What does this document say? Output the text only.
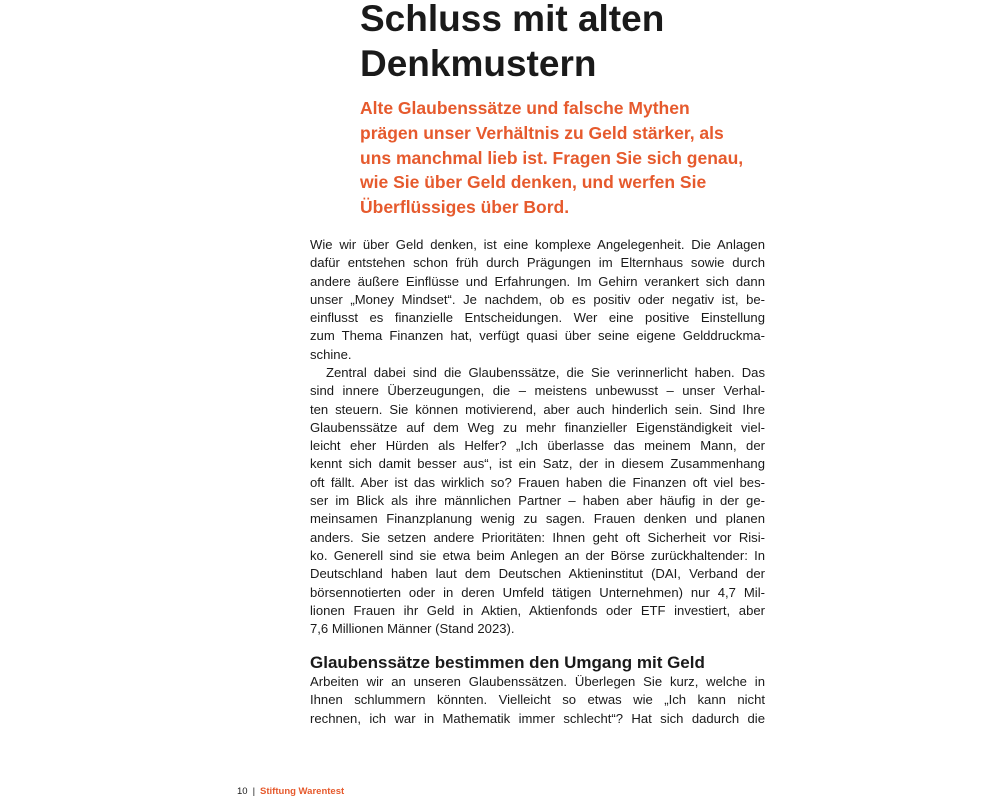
Schluss mit alten
Denkmustern

Alte Glaubenssätze und falsche Mythen
prägen unser Verhältnis zu Geld stärker, als
uns manchmal lieb ist. Fragen Sie sich genau,
wie Sie über Geld denken, und werfen Sie
Überflüssiges über Bord.

Wie wir über Geld denken, ist eine komplexe Angelegenheit. Die Anlagen
dafür entstehen schon früh durch Prägungen im Elternhaus sowie durch
andere äußere Einflüsse und Erfahrungen. Im Gehirn verankert sich dann
unser „Money Mindset“. Je nachdem, ob es positiv oder negativ ist, be-
einflusst es finanzielle Entscheidungen. Wer eine positive Einstellung
zum Thema Finanzen hat, verfügt quasi über seine eigene Gelddruckma-
schine.
Zentral dabei sind die Glaubenssätze, die Sie verinnerlicht haben. Das
sind innere Überzeugungen, die – meistens unbewusst – unser Verhal-
ten steuern. Sie können motivierend, aber auch hinderlich sein. Sind Ihre
Glaubenssätze auf dem Weg zu mehr finanzieller Eigenständigkeit viel-
leicht eher Hürden als Helfer? „Ich überlasse das meinem Mann, der
kennt sich damit besser aus“, ist ein Satz, der in diesem Zusammenhang
oft fällt. Aber ist das wirklich so? Frauen haben die Finanzen oft viel bes-
ser im Blick als ihre männlichen Partner – haben aber häufig in der ge-
meinsamen Finanzplanung wenig zu sagen. Frauen denken und planen
anders. Sie setzen andere Prioritäten: Ihnen geht oft Sicherheit vor Risi-
ko. Generell sind sie etwa beim Anlegen an der Börse zurückhaltender: In
Deutschland haben laut dem Deutschen Aktieninstitut (DAI, Verband der
börsennotierten oder in deren Umfeld tätigen Unternehmen) nur 4,7 Mil-
lionen Frauen ihr Geld in Aktien, Aktienfonds oder ETF investiert, aber
7,6 Millionen Männer (Stand 2023).
Glaubenssätze bestimmen den Umgang mit Geld
Arbeiten wir an unseren Glaubenssätzen. Überlegen Sie kurz, welche in
Ihnen schlummern könnten. Vielleicht so etwas wie „Ich kann nicht
rechnen, ich war in Mathematik immer schlecht“? Hat sich dadurch die
10 | Stiftung Warentest
